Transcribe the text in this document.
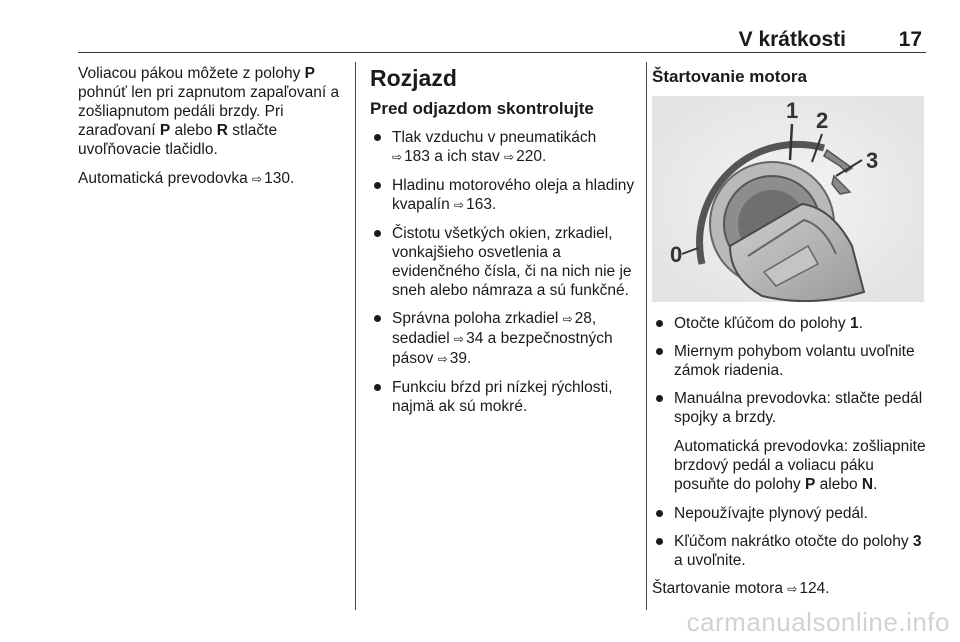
V krátkosti	17

Voliacou pákou môžete z polohy P pohnúť len pri zapnutom zapaľovaní a zošliapnutom pedáli brzdy. Pri zaraďovaní P alebo R stlačte uvoľňovacie tlačidlo.

Automatická prevodovka ⇨ 130.

Rozjazd
Pred odjazdom skontrolujte
Tlak vzduchu v pneumatikách ⇨ 183 a ich stav ⇨ 220.
Hladinu motorového oleja a hladiny kvapalín ⇨ 163.
Čistotu všetkých okien, zrkadiel, vonkajšieho osvetlenia a evidenčného čísla, či na nich nie je sneh alebo námraza a sú funkčné.
Správna poloha zrkadiel ⇨ 28, sedadiel ⇨ 34 a bezpečnostných pásov ⇨ 39.
Funkciu bŕzd pri nízkej rýchlosti, najmä ak sú mokré.
Štartovanie motora
1 2
3
0
Otočte kľúčom do polohy 1.
Miernym pohybom volantu uvoľnite zámok riadenia.
Manuálna prevodovka: stlačte pedál spojky a brzdy.

Automatická prevodovka: zošliapnite brzdový pedál a voliacu páku posuňte do polohy P alebo N.

Nepoužívajte plynový pedál.
Kľúčom nakrátko otočte do polohy 3 a uvoľnite.

Štartovanie motora ⇨ 124.

carmanualsonline.info
